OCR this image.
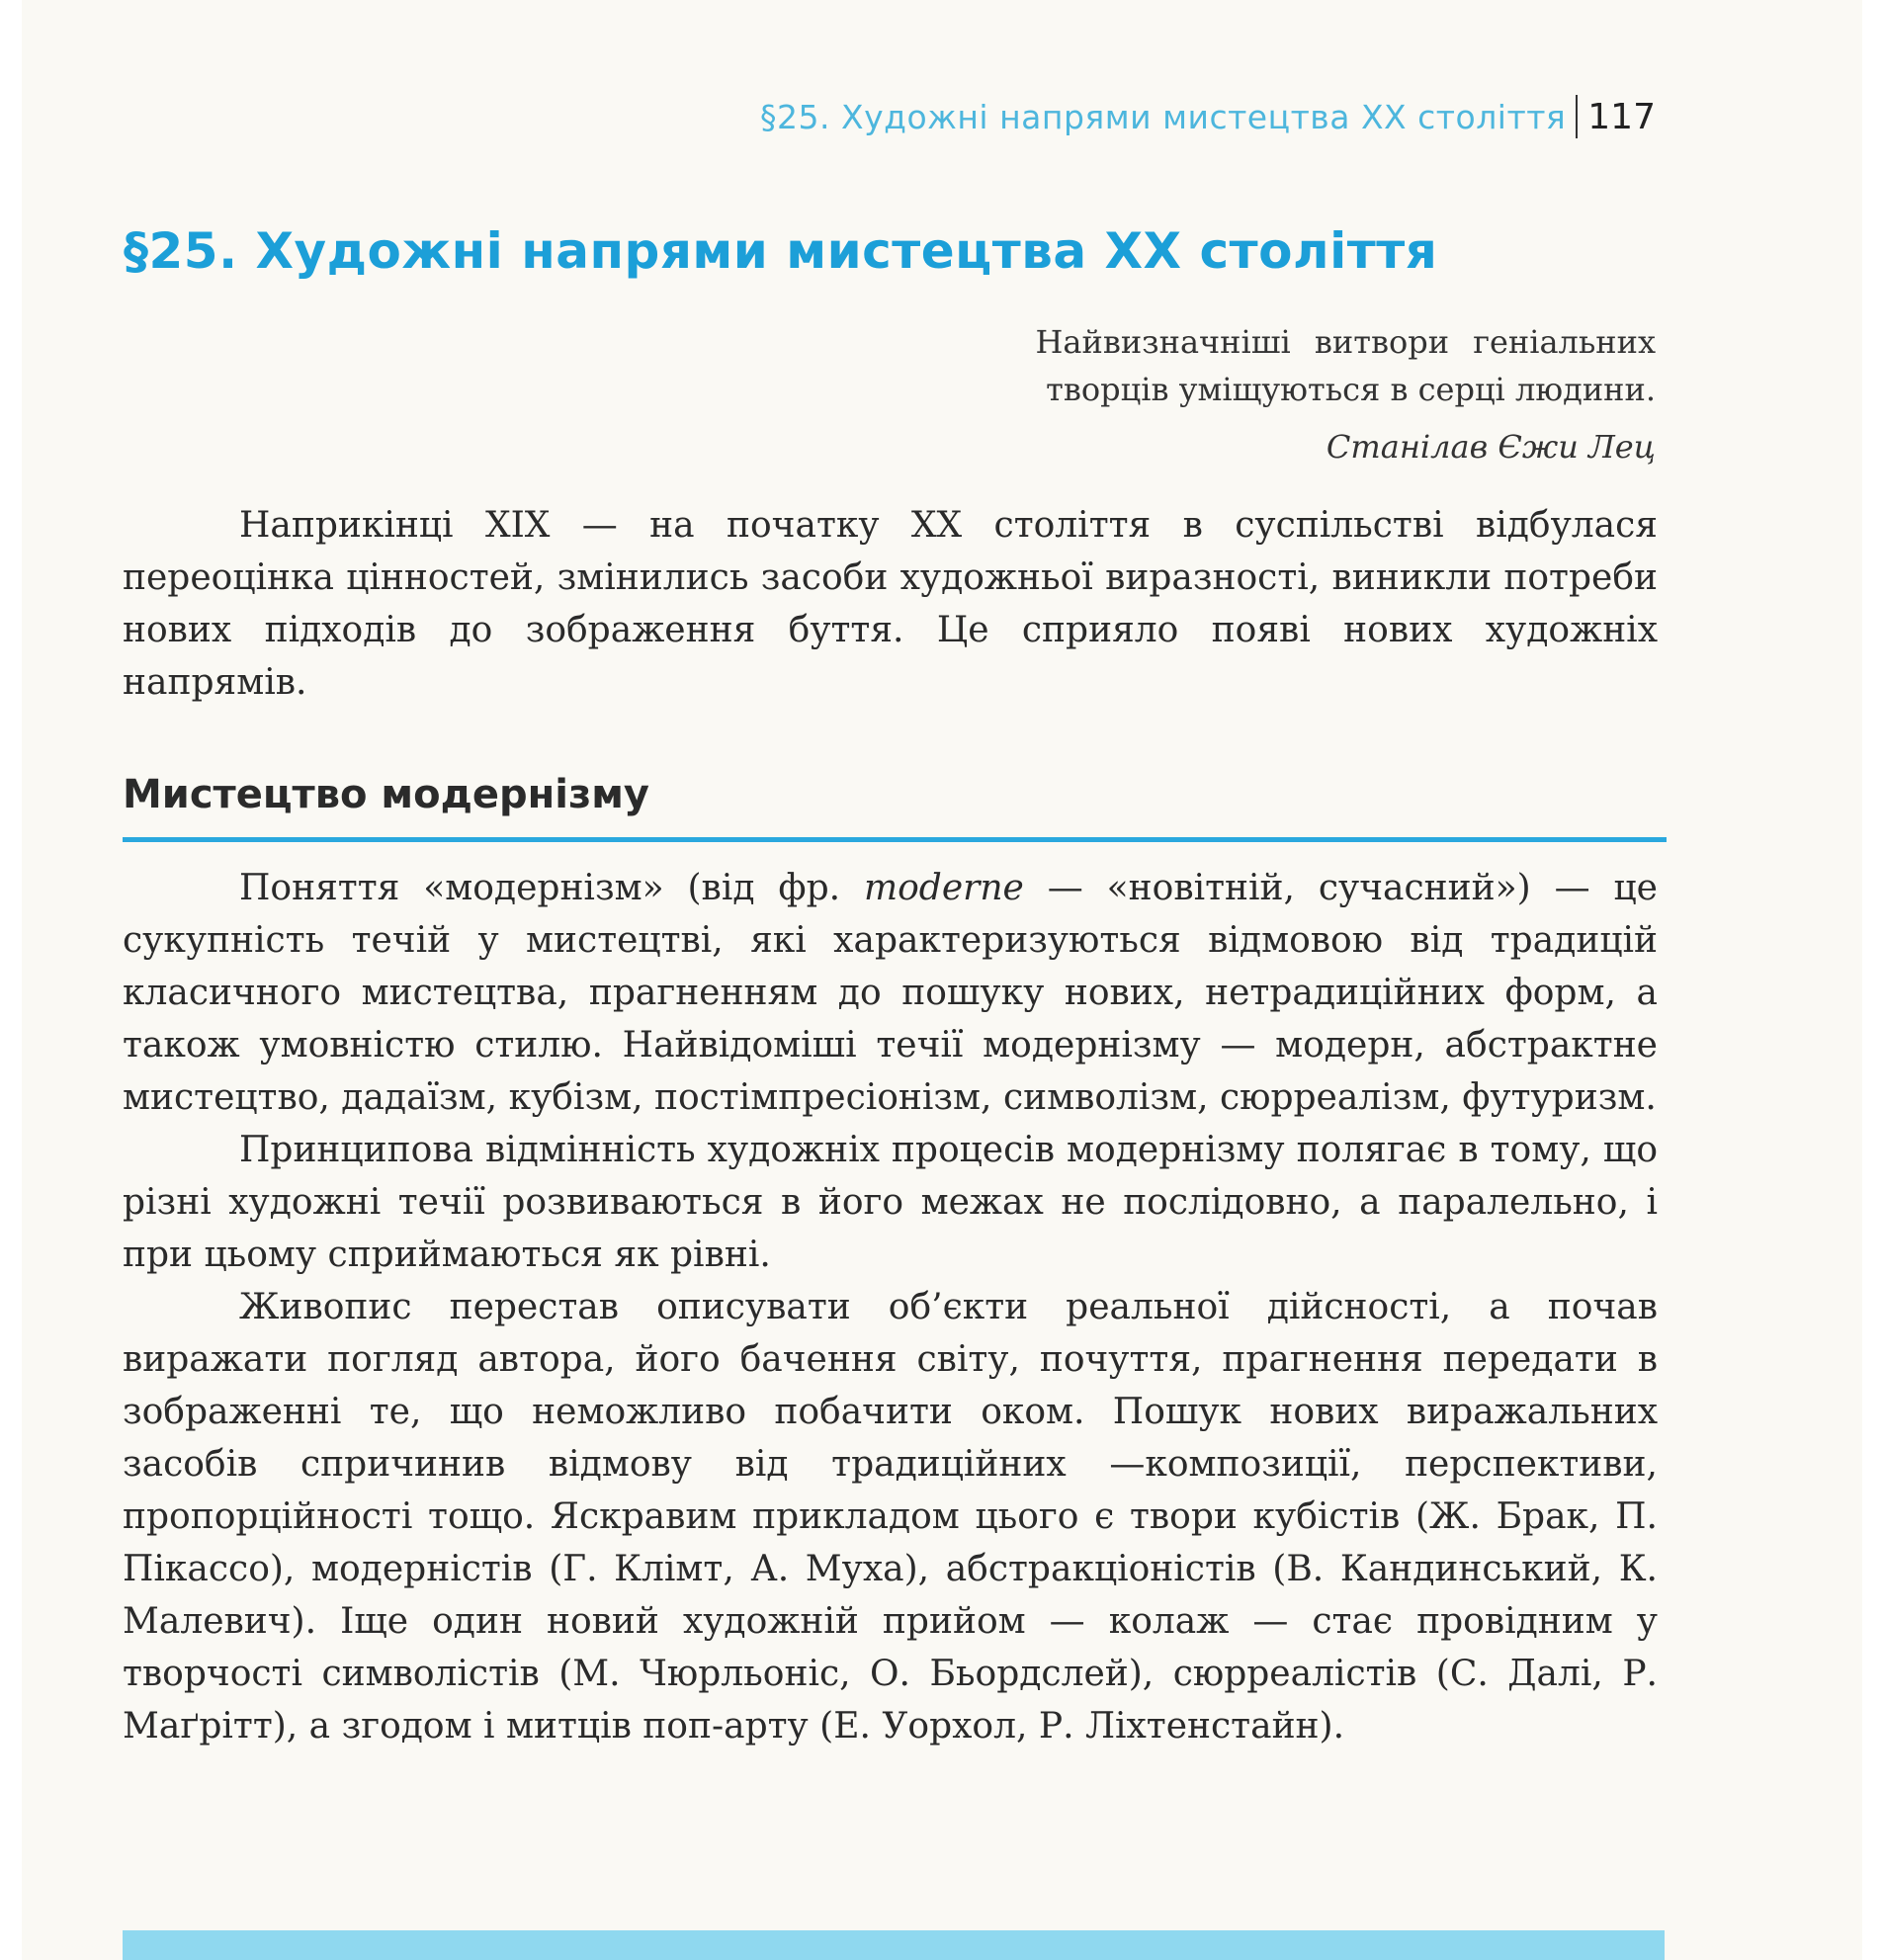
§25. Художні напрями мистецтва XX століття 117
§25. Художні напрями мистецтва XX століття
Найвизначніші витвори геніальних
творців уміщуються в серці людини.
Станілав Єжи Лец

Наприкінці XIX — на початку XX століття в суспільстві відбулася переоцінка цінностей, змінились засоби художньої виразності, виникли потреби нових підходів до зображення буття. Це сприяло появі нових художніх напрямів.

Мистецтво модернізму

Поняття «модернізм» (від фр. moderne — «новітній, сучасний») — це сукупність течій у мистецтві, які характеризуються відмовою від традицій класичного мистецтва, прагненням до пошуку нових, нетрадиційних форм, а також умовністю стилю. Найвідоміші течії модернізму — модерн, абстрактне мистецтво, дадаїзм, кубізм, постімпресіонізм, символізм, сюрреалізм, футуризм.

Принципова відмінність художніх процесів модернізму полягає в тому, що різні художні течії розвиваються в його межах не послідовно, а паралельно, і при цьому сприймаються як рівні.

Живопис перестав описувати об’єкти реальної дійсності, а почав виражати погляд автора, його бачення світу, почуття, прагнення передати в зображенні те, що неможливо побачити оком. Пошук нових виражальних засобів спричинив відмову від традиційних —композиції, перспективи, пропорційності тощо. Яскравим прикладом цього є твори кубістів (Ж. Брак, П. Пікассо), модерністів (Г. Клімт, А. Муха), абстракціоністів (В. Кандинський, К. Малевич). Іще один новий художній прийом — колаж — стає провідним у творчості символістів (М. Чюрльоніс, О. Бьордслей), сюрреалістів (С. Далі, Р. Маґрітт), а згодом і митців поп-арту (Е. Уорхол, Р. Ліхтенстайн).
